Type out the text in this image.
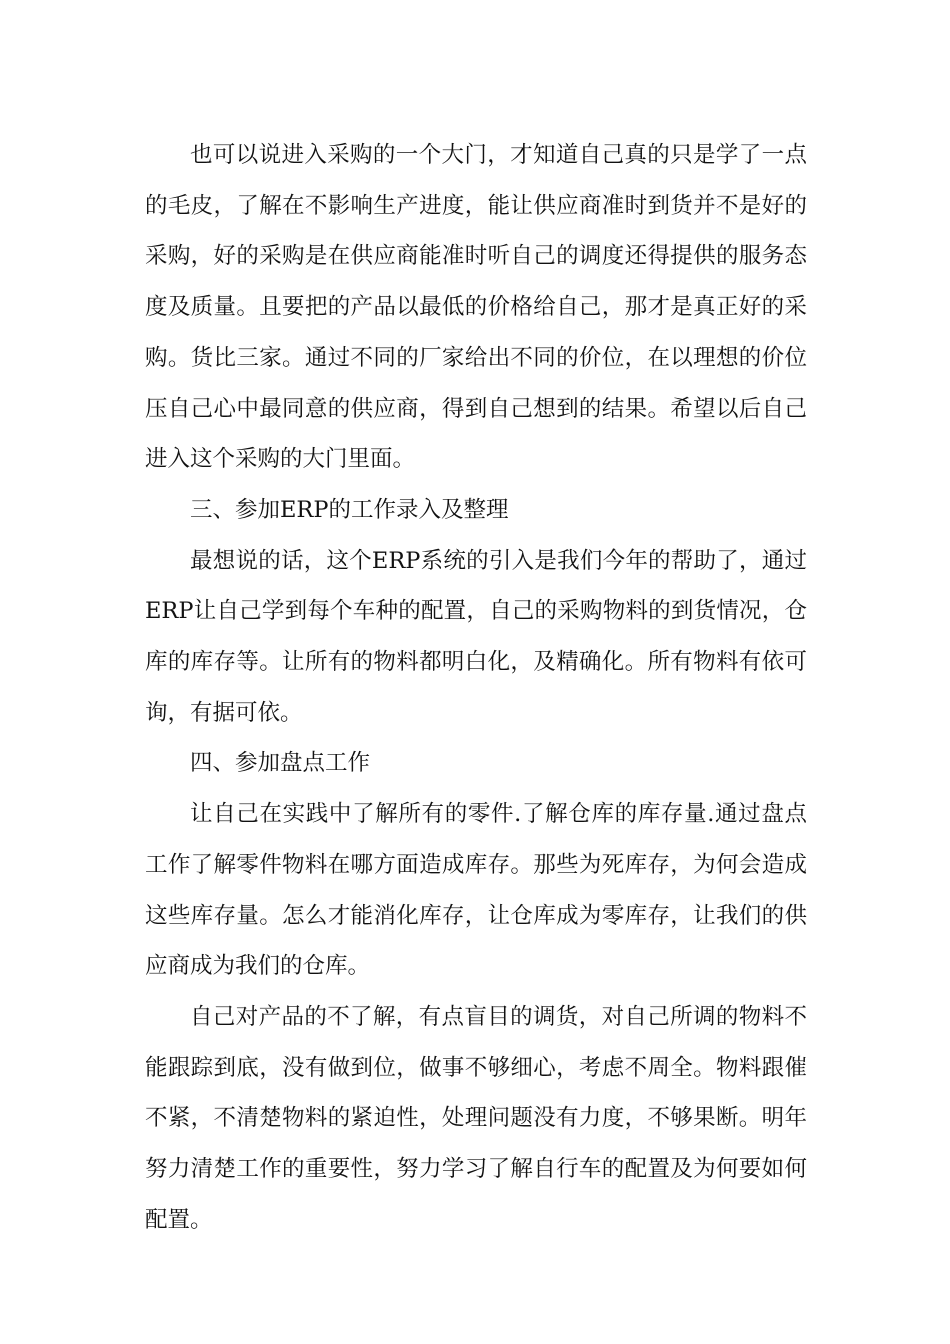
也可以说进入采购的一个大门，才知道自己真的只是学了一点的毛皮，了解在不影响生产进度，能让供应商准时到货并不是好的采购，好的采购是在供应商能准时听自己的调度还得提供的服务态度及质量。且要把的产品以最低的价格给自己，那才是真正好的采购。货比三家。通过不同的厂家给出不同的价位，在以理想的价位压自己心中最同意的供应商，得到自己想到的结果。希望以后自己进入这个采购的大门里面。

三、参加ERP的工作录入及整理

最想说的话，这个ERP系统的引入是我们今年的帮助了，通过ERP让自己学到每个车种的配置，自己的采购物料的到货情况，仓库的库存等。让所有的物料都明白化，及精确化。所有物料有依可询，有据可依。

四、参加盘点工作

让自己在实践中了解所有的零件.了解仓库的库存量.通过盘点工作了解零件物料在哪方面造成库存。那些为死库存，为何会造成这些库存量。怎么才能消化库存，让仓库成为零库存，让我们的供应商成为我们的仓库。

自己对产品的不了解，有点盲目的调货，对自己所调的物料不能跟踪到底，没有做到位，做事不够细心，考虑不周全。物料跟催不紧，不清楚物料的紧迫性，处理问题没有力度，不够果断。明年努力清楚工作的重要性，努力学习了解自行车的配置及为何要如何配置。
